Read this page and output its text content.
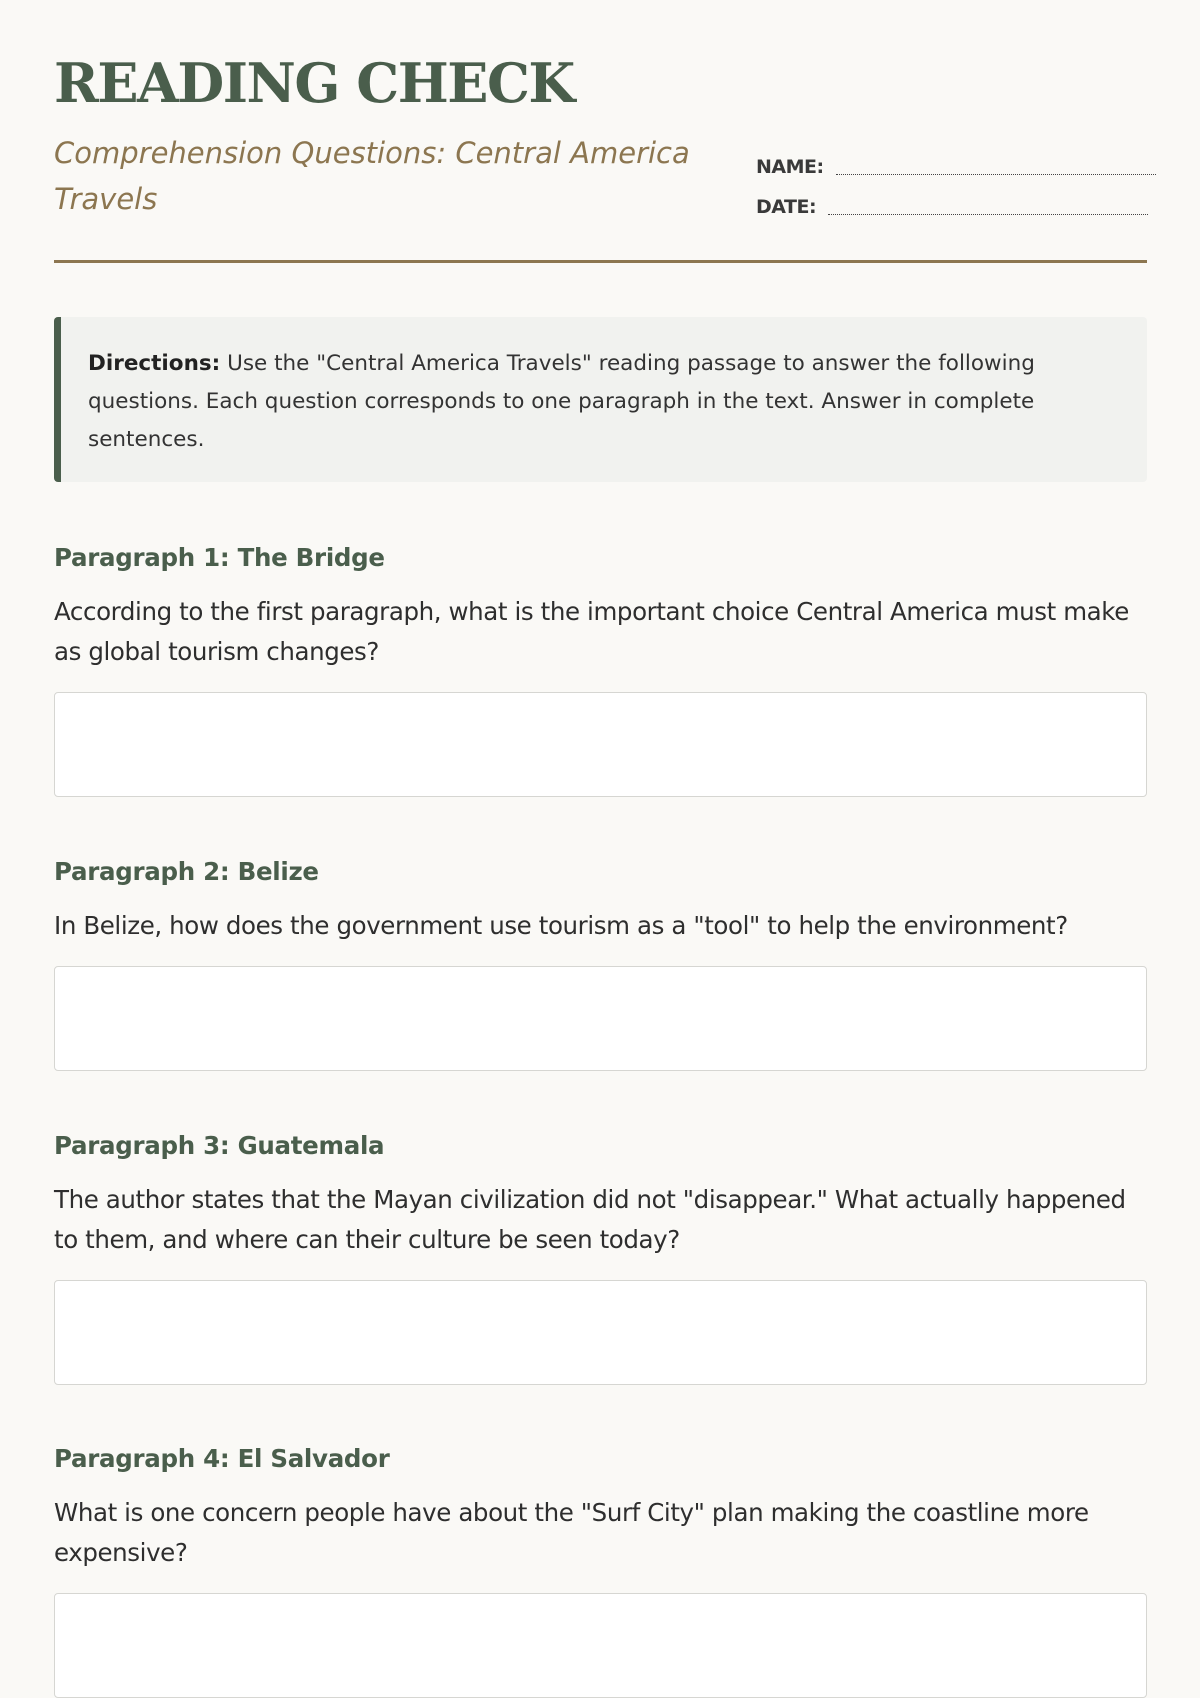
READING CHECK

Comprehension Questions: Central America Travels

NAME:
DATE:
Directions: Use the "Central America Travels" reading passage to answer the following questions. Each question corresponds to one paragraph in the text. Answer in complete sentences.
Paragraph 1: The Bridge

According to the first paragraph, what is the important choice Central America must make as global tourism changes?

Paragraph 2: Belize

In Belize, how does the government use tourism as a "tool" to help the environment?

Paragraph 3: Guatemala

The author states that the Mayan civilization did not "disappear." What actually happened to them, and where can their culture be seen today?

Paragraph 4: El Salvador

What is one concern people have about the "Surf City" plan making the coastline more expensive?
